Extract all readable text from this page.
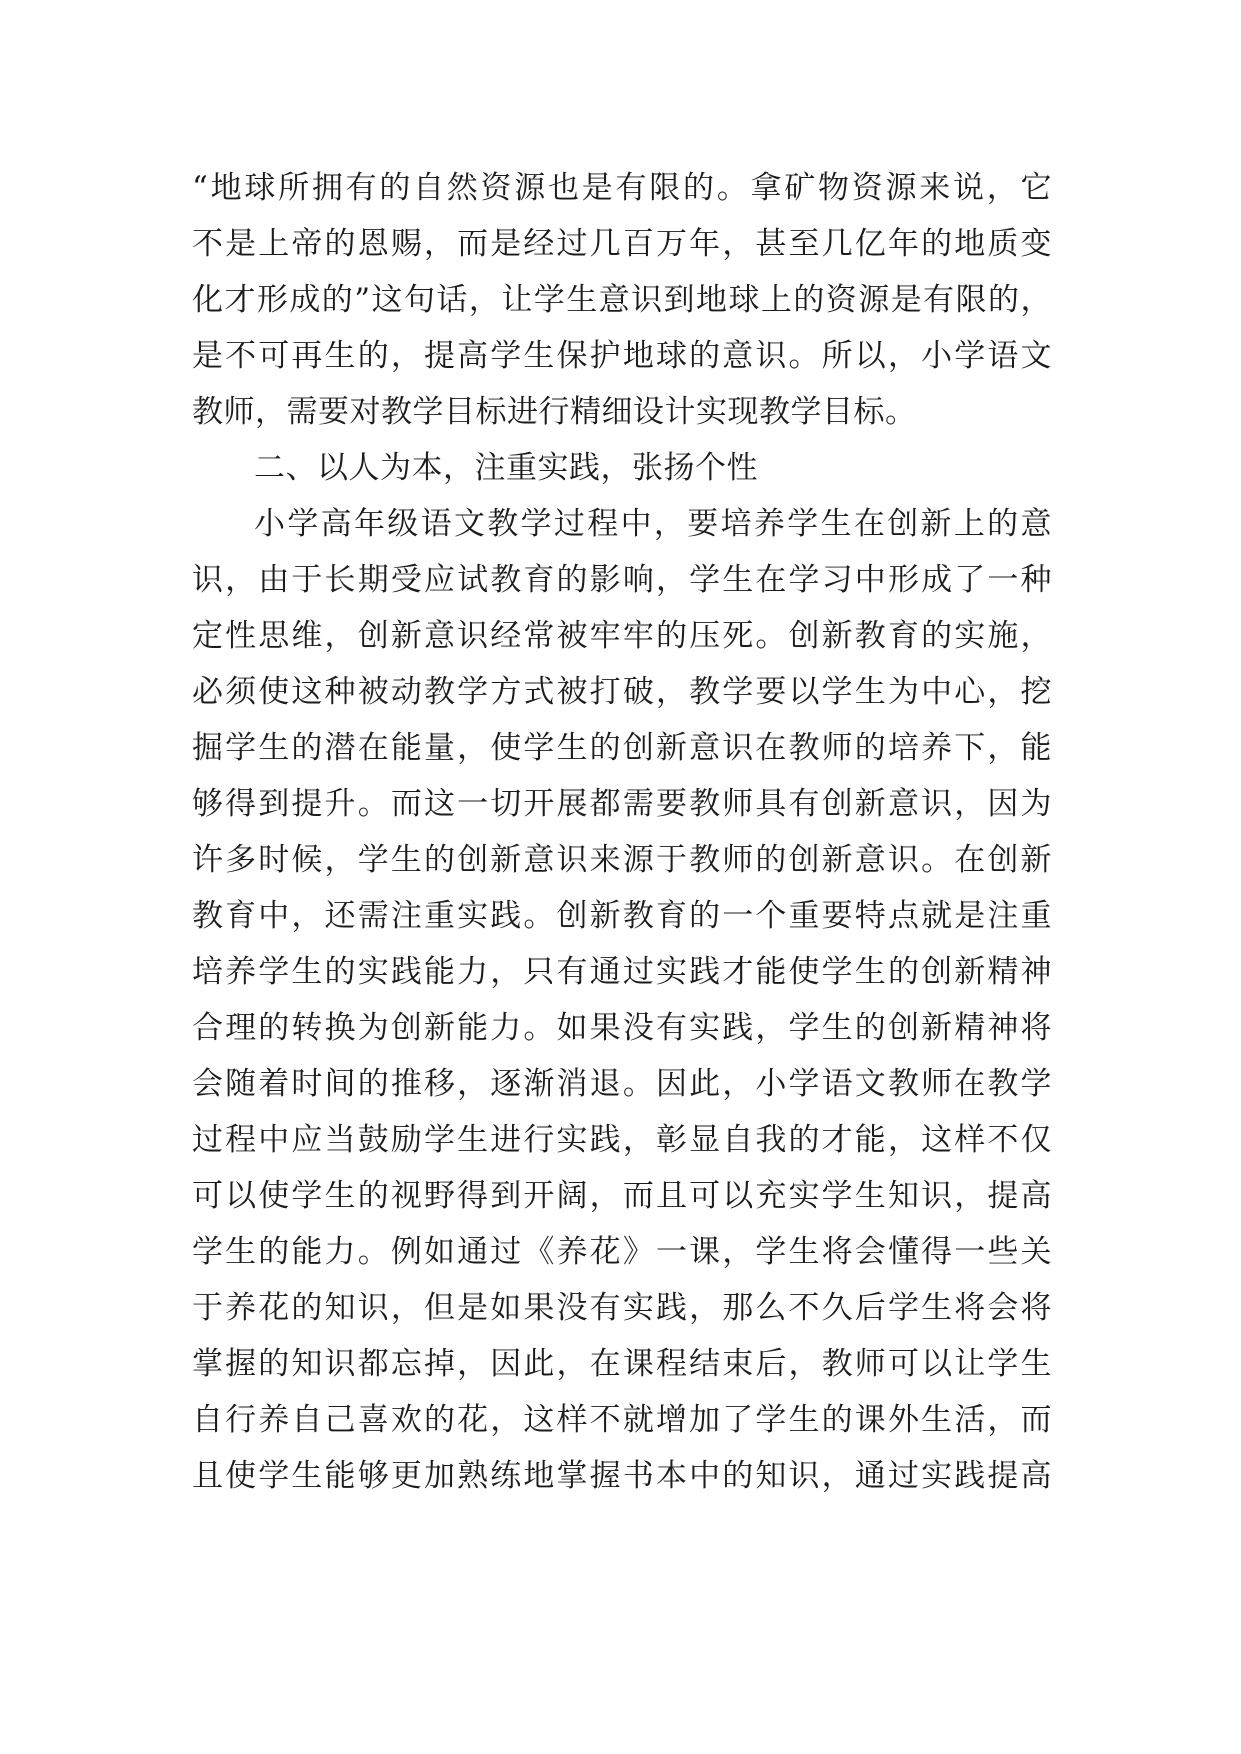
“地球所拥有的自然资源也是有限的。拿矿物资源来说，它
不是上帝的恩赐，而是经过几百万年，甚至几亿年的地质变
化才形成的”这句话，让学生意识到地球上的资源是有限的，
是不可再生的，提高学生保护地球的意识。所以，小学语文
教师，需要对教学目标进行精细设计实现教学目标。
二、以人为本，注重实践，张扬个性
小学高年级语文教学过程中，要培养学生在创新上的意
识，由于长期受应试教育的影响，学生在学习中形成了一种
定性思维，创新意识经常被牢牢的压死。创新教育的实施，
必须使这种被动教学方式被打破，教学要以学生为中心，挖
掘学生的潜在能量，使学生的创新意识在教师的培养下，能
够得到提升。而这一切开展都需要教师具有创新意识，因为
许多时候，学生的创新意识来源于教师的创新意识。在创新
教育中，还需注重实践。创新教育的一个重要特点就是注重
培养学生的实践能力，只有通过实践才能使学生的创新精神
合理的转换为创新能力。如果没有实践，学生的创新精神将
会随着时间的推移，逐渐消退。因此，小学语文教师在教学
过程中应当鼓励学生进行实践，彰显自我的才能，这样不仅
可以使学生的视野得到开阔，而且可以充实学生知识，提高
学生的能力。例如通过《养花》一课，学生将会懂得一些关
于养花的知识，但是如果没有实践，那么不久后学生将会将
掌握的知识都忘掉，因此，在课程结束后，教师可以让学生
自行养自己喜欢的花，这样不就增加了学生的课外生活，而
且使学生能够更加熟练地掌握书本中的知识，通过实践提高
